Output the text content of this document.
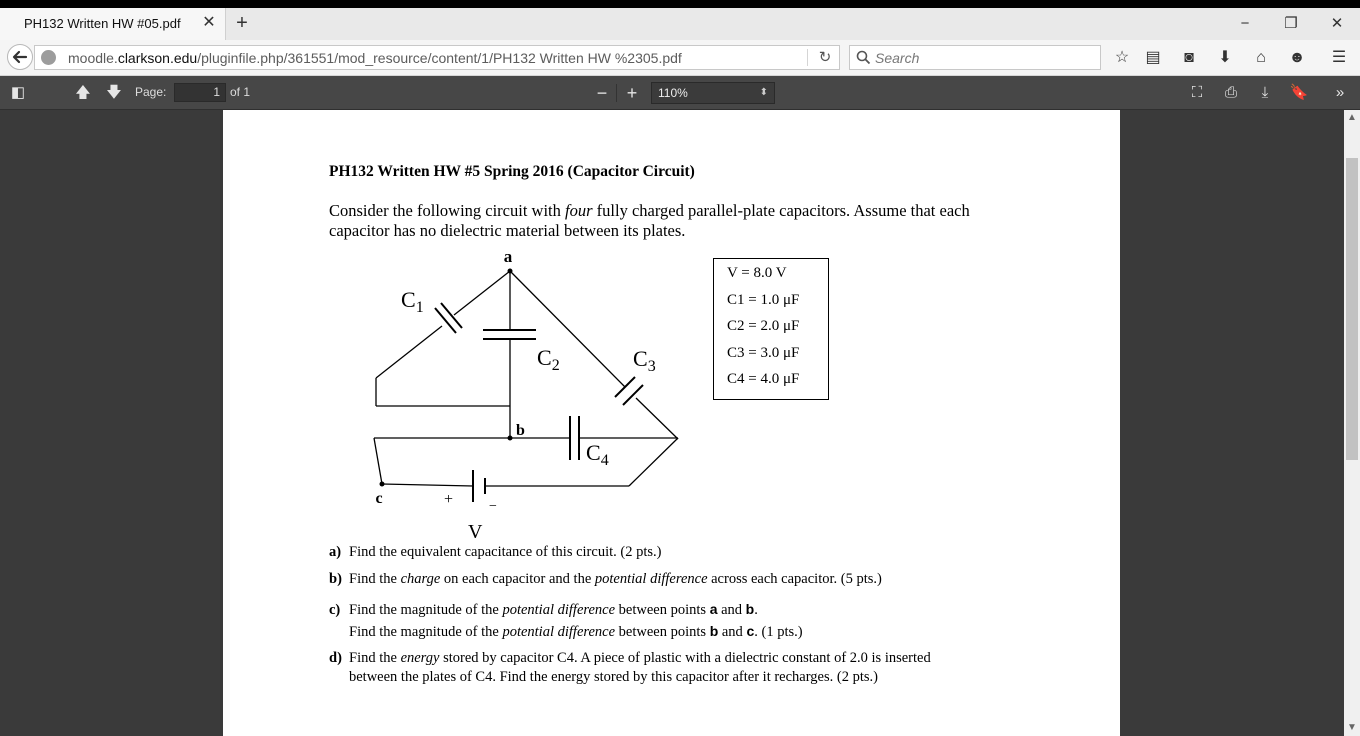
PH132 Written HW #05.pdf ✕ +	−	❐ ✕
moodle.clarkson.edu/pluginfile.php/361551/mod_resource/content/1/PH132 Written HW %2305.pdf	↻	Search	☆ ▤	◙	⬇	⌂	☻ ☰
◧	🡅 🡇 Page:	1 of 1	− +	110%	⬍	⛶	⎙	⤓	🔖	»
PH132 Written HW #5 Spring 2016 (Capacitor Circuit)
Consider the following circuit with four fully charged parallel-plate capacitors. Assume that each capacitor has no dielectric material between its plates.
a
b
c
$C_1$
$C_2$	$C_3$
$C_4$
+	−
V
V = 8.0 V
C1 = 1.0 μF
C2 = 2.0 μF
C3 = 3.0 μF
C4 = 4.0 μF
a) Find the equivalent capacitance of this circuit. (2 pts.)
b) Find the charge on each capacitor and the potential difference across each capacitor. (5 pts.)
c) Find the magnitude of the potential difference between points a and b.
Find the magnitude of the potential difference between points b and c. (1 pts.)
d) Find the energy stored by capacitor C4. A piece of plastic with a dielectric constant of 2.0 is inserted
between the plates of C4. Find the energy stored by this capacitor after it recharges. (2 pts.)
▲
▼
